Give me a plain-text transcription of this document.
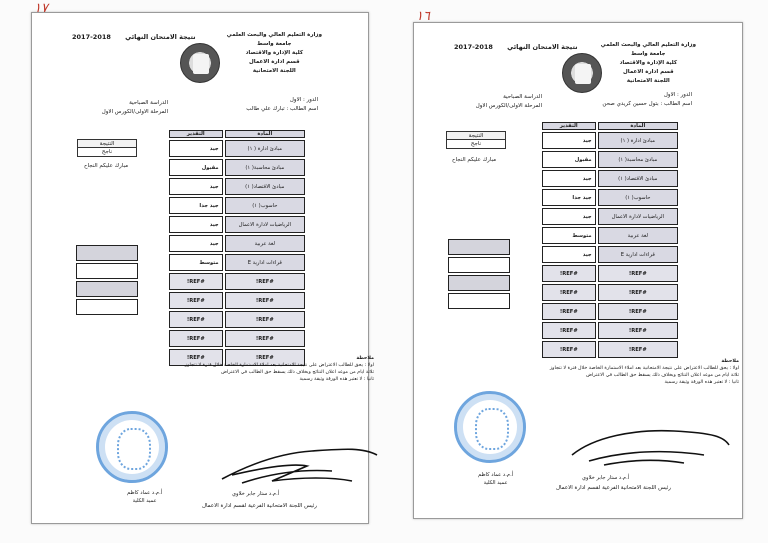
١٧
نتيجة الامتحان النهائي 2018-2017	وزارة التعليم العالي والبحث العلمي
جامعة واسط
كلية الإدارة والاقتصاد
قسم ادارة الاعمال
اللجنة الامتحانية
الدور : الاول
اسم الطالب : تبارك علي طالب
الدراسة الصباحية
المرحلة الاولى/الكورس الاول
المادة	التقدير
مبادئ ادارة ( ١)	جيد
مبادئ محاسبة( ١)	مقبول
مبادئ الاقتصاد( ١)	جيد
حاسوب( ١)	جيد جدا
الرياضيات لادارة الاعمال	جيد
لغة عربية	جيد
قراءات ادارية E	متوسط
#REF!	#REF!
#REF!	#REF!
#REF!	#REF!
#REF!	#REF!
#REF!	#REF!
النتيجة
ناجح
مبارك عليكم النجاح
ملاحظة
اولا : يحق للطالب الاعتراض على نتيجة الامتحانية بعد املاء الاستمارة الخاصة خلال فترة لا تتجاوز
ثلاثة ايام من موعد اعلان النتائج وبخلاف ذلك يسقط حق الطالب في الاعتراض
ثانيا : لا تعتبر هذه الورقة وثيقة رسمية
أ.م.د ستار جابر خلاوي
رئيس اللجنة الامتحانية الفرعية لقسم ادارة الاعمال
أ.م.د عماد كاظم
عميد الكلية
١٦
نتيجة الامتحان النهائي 2018-2017	وزارة التعليم العالي والبحث العلمي
جامعة واسط
كلية الإدارة والاقتصاد
قسم ادارة الاعمال
اللجنة الامتحانية
الدور : الاول
اسم الطالب : بتول حسين كريدي صحن
الدراسة الصباحية
المرحلة الاولى/الكورس الاول
المادة	التقدير
مبادئ ادارة ( ١)	جيد
مبادئ محاسبة( ١)	مقبول
مبادئ الاقتصاد( ١)	جيد
حاسوب( ١)	جيد جدا
الرياضيات لادارة الاعمال	جيد
لغة عربية	متوسط
قراءات ادارية E	جيد
#REF!	#REF!
#REF!	#REF!
#REF!	#REF!
#REF!	#REF!
#REF!	#REF!
النتيجة
ناجح
مبارك عليكم النجاح
ملاحظة
اولا : يحق للطالب الاعتراض على نتيجة الامتحانية بعد املاء الاستمارة الخاصة خلال فترة لا تتجاوز
ثلاثة ايام من موعد اعلان النتائج وبخلاف ذلك يسقط حق الطالب في الاعتراض
ثانيا : لا تعتبر هذه الورقة وثيقة رسمية
أ.م.د ستار جابر خلاوي
رئيس اللجنة الامتحانية الفرعية لقسم ادارة الاعمال
أ.م.د عماد كاظم
عميد الكلية
